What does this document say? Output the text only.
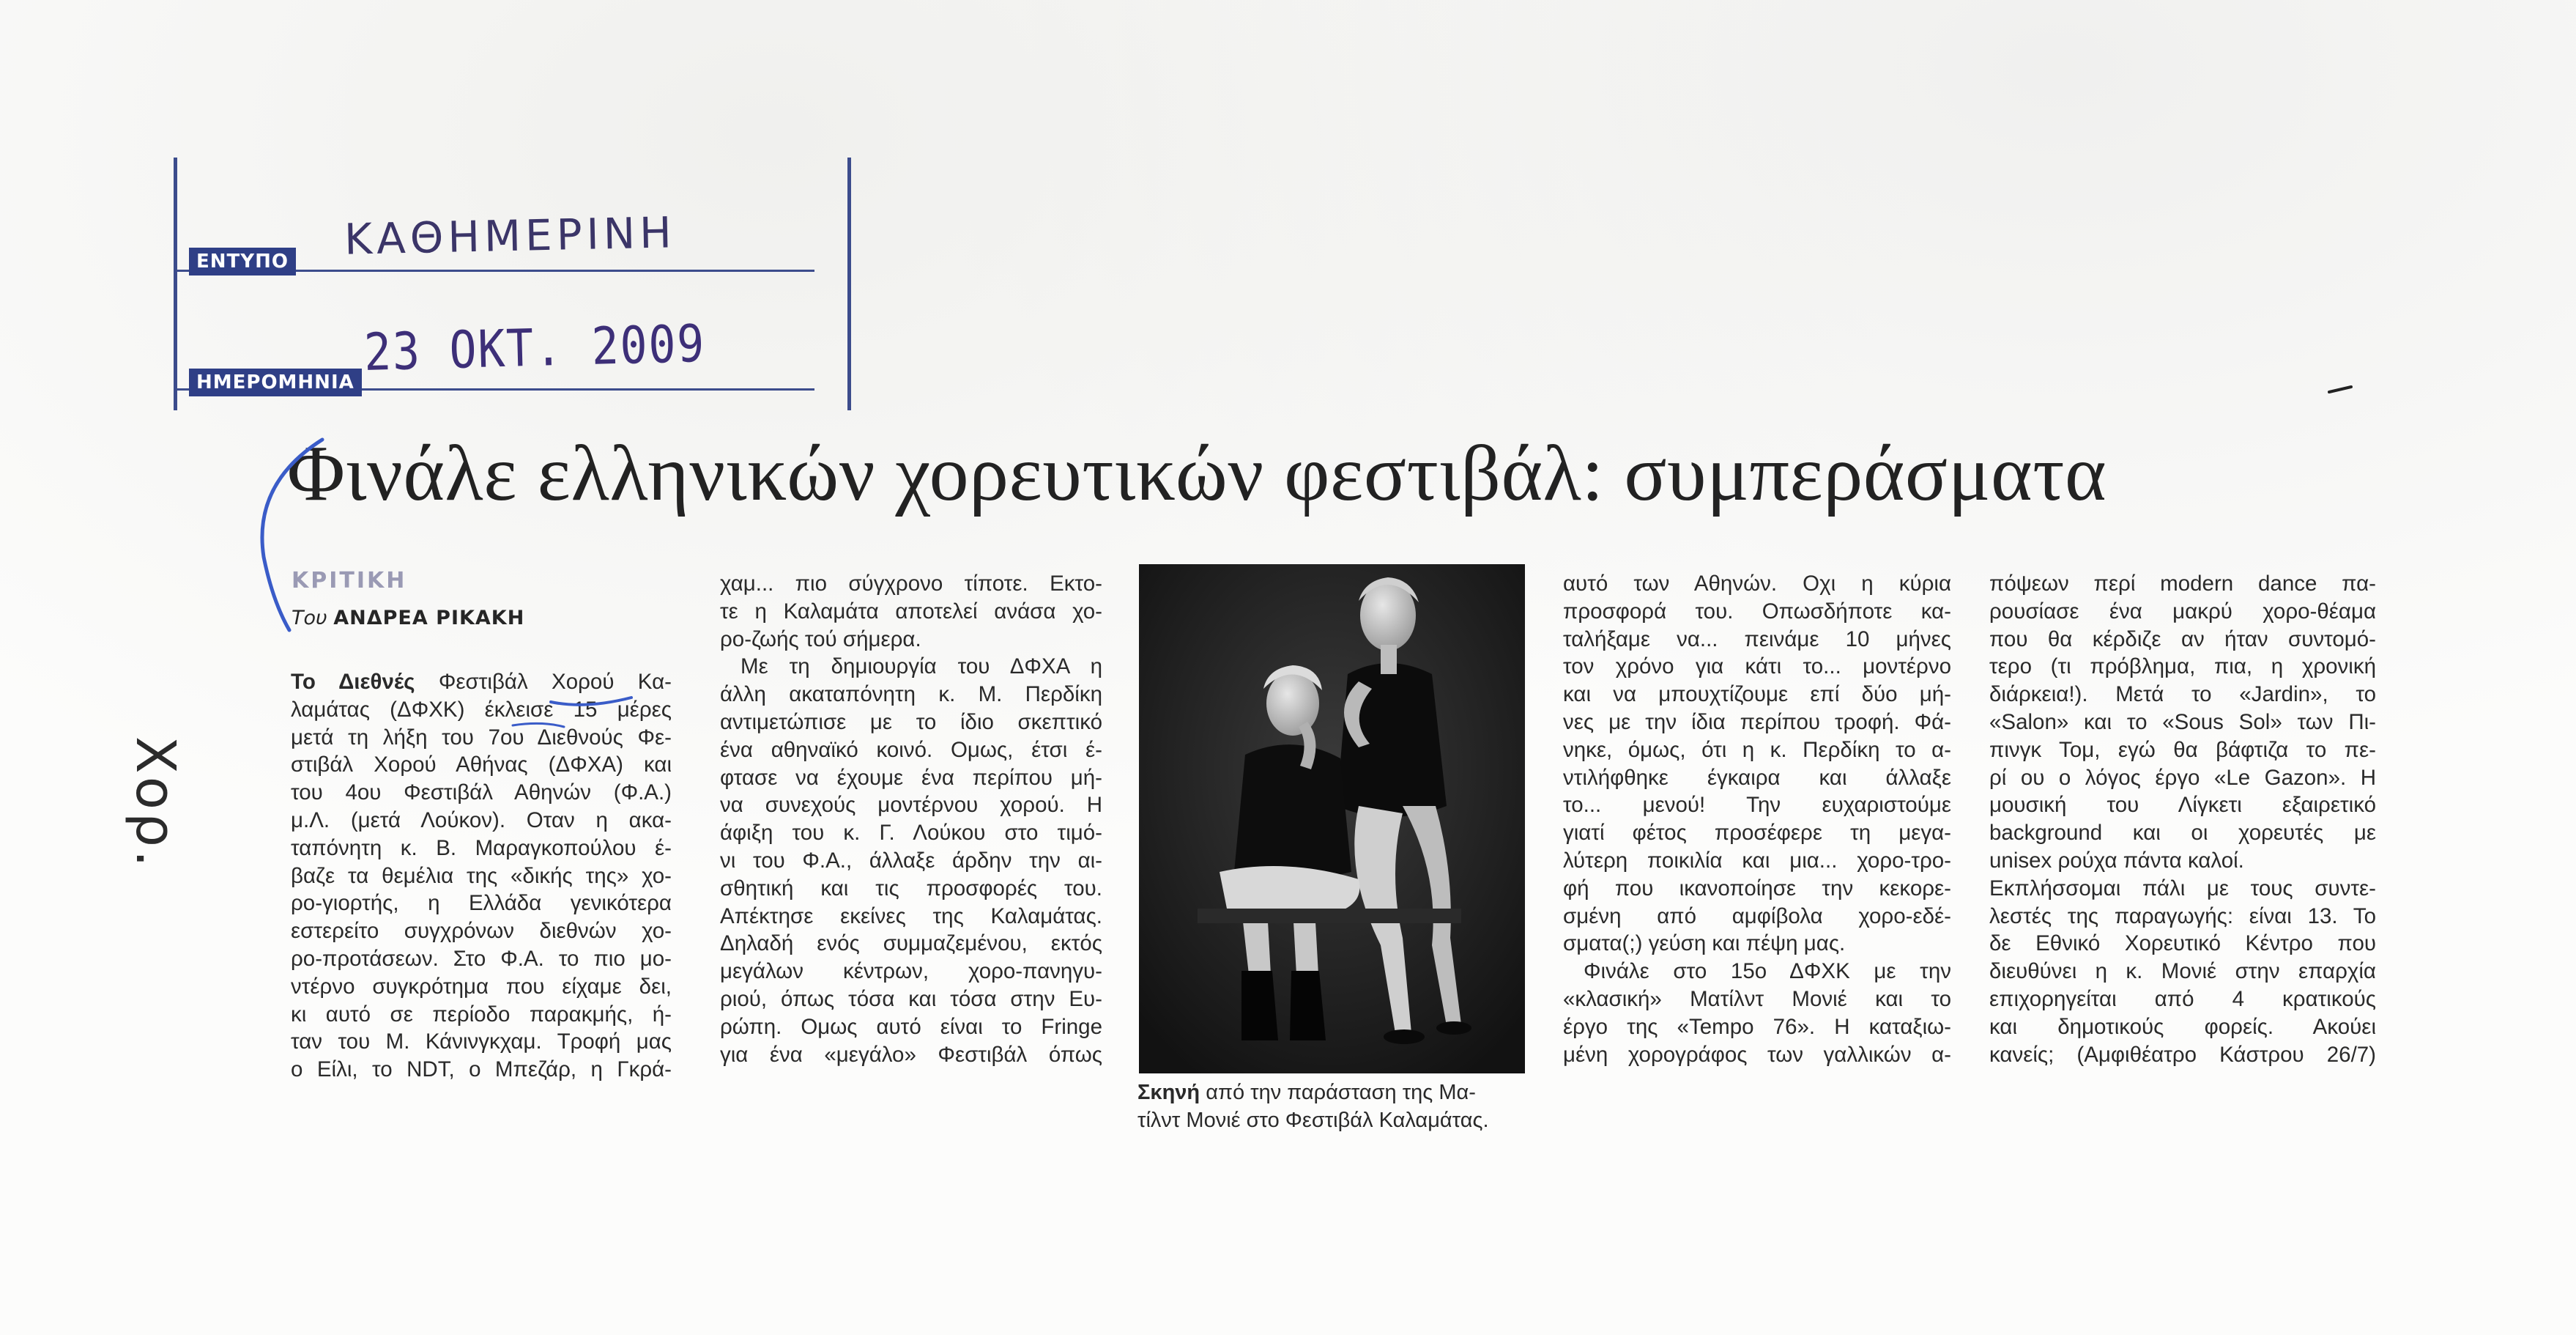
ΕΝΤΥΠΟ
ΗΜΕΡΟΜΗΝΙΑ
ΚΑΘΗΜΕΡΙΝΗ
23 ΟΚΤ. 2009
Φινάλε ελληνικών χορευτικών φεστιβάλ: συμπεράσματα
ΚΡΙΤΙΚΗ
Του ΑΝΔΡΕΑ ΡΙΚΑΚΗ
Το Διεθνές Φεστιβάλ Χορού Κα-
λαμάτας (ΔΦΧΚ) έκλεισε 15 μέρες
μετά τη λήξη του 7ου Διεθνούς Φε-
στιβάλ Χορού Αθήνας (ΔΦΧΑ) και
του 4ου Φεστιβάλ Αθηνών (Φ.Α.)
μ.Λ. (μετά Λούκον). Οταν η ακα-
ταπόνητη κ. Β. Μαραγκοπούλου έ-
βαζε τα θεμέλια της «δικής της» χο-
ρο-γιορτής, η Ελλάδα γενικότερα
εστερείτο συγχρόνων διεθνών χο-
ρο-προτάσεων. Στο Φ.Α. το πιο μο-
ντέρνο συγκρότημα που είχαμε δει,
κι αυτό σε περίοδο παρακμής, ή-
ταν του Μ. Κάνινγκχαμ. Τροφή μας
ο Είλι, το NDT, ο Μπεζάρ, η Γκρά-
χαμ... πιο σύγχρονο τίποτε. Εκτο-
τε η Καλαμάτα αποτελεί ανάσα χο-
ρο-ζωής τού σήμερα.
Με τη δημιουργία του ΔΦΧΑ η
άλλη ακαταπόνητη κ. Μ. Περδίκη
αντιμετώπισε με το ίδιο σκεπτικό
ένα αθηναϊκό κοινό. Ομως, έτσι έ-
φτασε να έχουμε ένα περίπου μή-
να συνεχούς μοντέρνου χορού. Η
άφιξη του κ. Γ. Λούκου στο τιμό-
νι του Φ.Α., άλλαξε άρδην την αι-
σθητική και τις προσφορές του.
Απέκτησε εκείνες της Καλαμάτας.
Δηλαδή ενός συμμαζεμένου, εκτός
μεγάλων κέντρων, χορο-πανηγυ-
ριού, όπως τόσα και τόσα στην Ευ-
ρώπη. Ομως αυτό είναι το Fringe
για ένα «μεγάλο» Φεστιβάλ όπως
Σκηνή από την παράσταση της Μα-
τίλντ Μονιέ στο Φεστιβάλ Καλαμάτας.
αυτό των Αθηνών. Οχι η κύρια
προσφορά του. Οπωσδήποτε κα-
ταλήξαμε να... πεινάμε 10 μήνες
τον χρόνο για κάτι το... μοντέρνο
και να μπουχτίζουμε επί δύο μή-
νες με την ίδια περίπου τροφή. Φά-
νηκε, όμως, ότι η κ. Περδίκη το α-
ντιλήφθηκε έγκαιρα και άλλαξε
το... μενού! Την ευχαριστούμε
γιατί φέτος προσέφερε τη μεγα-
λύτερη ποικιλία και μια... χορο-τρο-
φή που ικανοποίησε την κεκορε-
σμένη από αμφίβολα χορο-εδέ-
σματα(;) γεύση και πέψη μας.
Φινάλε στο 15ο ΔΦΧΚ με την
«κλασική» Ματίλντ Μονιέ και το
έργο της «Tempo 76». Η καταξιω-
μένη χορογράφος των γαλλικών α-
πόψεων περί modern dance πα-
ρουσίασε ένα μακρύ χορο-θέαμα
που θα κέρδιζε αν ήταν συντομό-
τερο (τι πρόβλημα, πια, η χρονική
διάρκεια!). Μετά το «Jardin», το
«Salon» και το «Sous Sol» των Πι-
πινγκ Τομ, εγώ θα βάφτιζα το πε-
ρί ου ο λόγος έργο «Le Gazon». Η
μουσική του Λίγκετι εξαιρετικό
background και οι χορευτές με
unisex ρούχα πάντα καλοί.
Εκπλήσσομαι πάλι με τους συντε-
λεστές της παραγωγής: είναι 13. Το
δε Εθνικό Χορευτικό Κέντρο που
διευθύνει η κ. Μονιέ στην επαρχία
επιχορηγείται από 4 κρατικούς
και δημοτικούς φορείς. Ακούει
κανείς; (Αμφιθέατρο Κάστρου 26/7)
Χορ.
